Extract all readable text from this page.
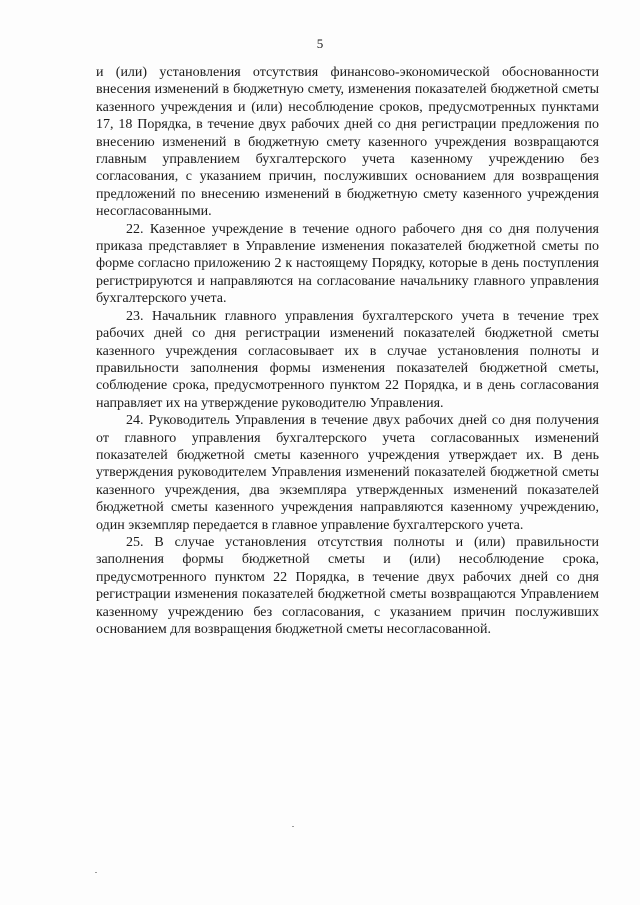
5

и (или) установления отсутствия финансово-экономической обоснованности внесения изменений в бюджетную смету, изменения показателей бюджетной сметы казенного учреждения и (или) несоблюдение сроков, предусмотренных пунктами 17, 18 Порядка, в течение двух рабочих дней со дня регистрации предложения по внесению изменений в бюджетную смету казенного учреждения возвращаются главным управлением бухгалтерского учета казенному учреждению без согласования, с указанием причин, послуживших основанием для возвращения предложений по внесению изменений в бюджетную смету казенного учреждения несогласованными.

22. Казенное учреждение в течение одного рабочего дня со дня получения приказа представляет в Управление изменения показателей бюджетной сметы по форме согласно приложению 2 к настоящему Порядку, которые в день поступления регистрируются и направляются на согласование начальнику главного управления бухгалтерского учета.

23. Начальник главного управления бухгалтерского учета в течение трех рабочих дней со дня регистрации изменений показателей бюджетной сметы казенного учреждения согласовывает их в случае установления полноты и правильности заполнения формы изменения показателей бюджетной сметы, соблюдение срока, предусмотренного пунктом 22 Порядка, и в день согласования направляет их на утверждение руководителю Управления.

24. Руководитель Управления в течение двух рабочих дней со дня получения от главного управления бухгалтерского учета согласованных изменений показателей бюджетной сметы казенного учреждения утверждает их. В день утверждения руководителем Управления изменений показателей бюджетной сметы казенного учреждения, два экземпляра утвержденных изменений показателей бюджетной сметы казенного учреждения направляются казенному учреждению, один экземпляр передается в главное управление бухгалтерского учета.

25. В случае установления отсутствия полноты и (или) правильности заполнения формы бюджетной сметы и (или) несоблюдение срока, предусмотренного пунктом 22 Порядка, в течение двух рабочих дней со дня регистрации изменения показателей бюджетной сметы возвращаются Управлением казенному учреждению без согласования, с указанием причин послуживших основанием для возвращения бюджетной сметы несогласованной.
